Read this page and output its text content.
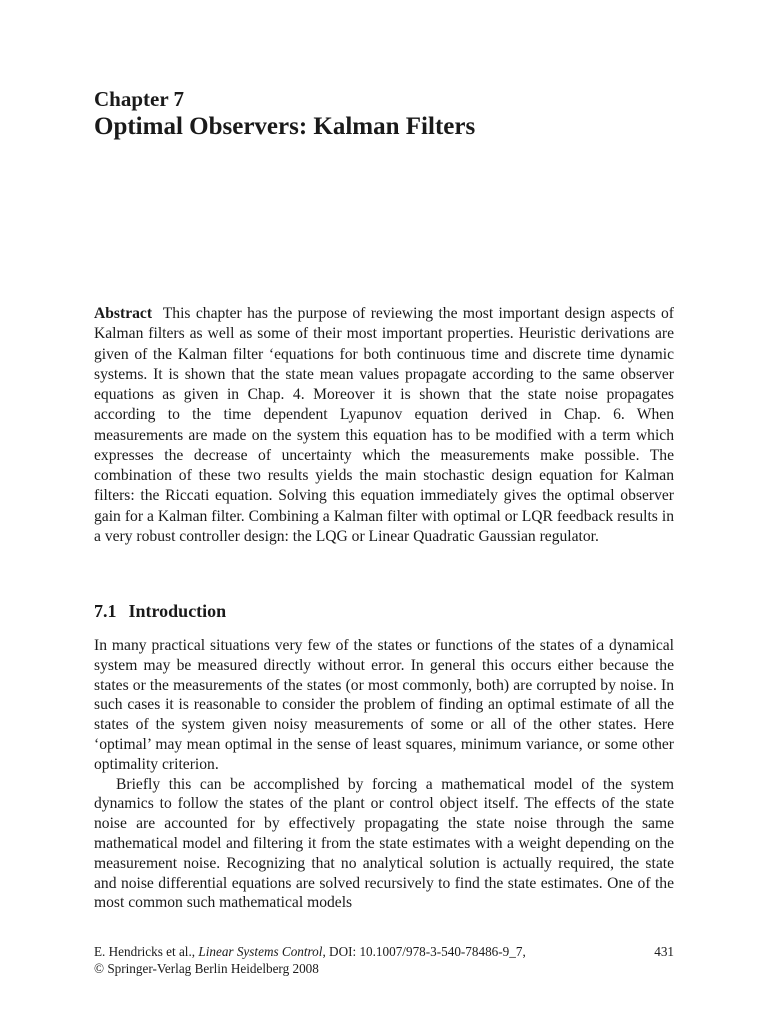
Chapter 7
Optimal Observers: Kalman Filters

Abstract This chapter has the purpose of reviewing the most important design aspects of Kalman filters as well as some of their most important properties. Heuristic derivations are given of the Kalman filter ‘equations for both continuous time and discrete time dynamic systems. It is shown that the state mean values propagate according to the same observer equations as given in Chap. 4. Moreover it is shown that the state noise propagates according to the time dependent Lyapunov equation derived in Chap. 6. When measurements are made on the system this equation has to be modified with a term which expresses the decrease of uncertainty which the measurements make possible. The combination of these two results yields the main stochastic design equation for Kalman filters: the Riccati equation. Solving this equation immediately gives the optimal observer gain for a Kalman filter. Combining a Kalman filter with optimal or LQR feedback results in a very robust controller design: the LQG or Linear Quadratic Gaussian regulator.

7.1 Introduction

In many practical situations very few of the states or functions of the states of a dynamical system may be measured directly without error. In general this occurs either because the states or the measurements of the states (or most commonly, both) are corrupted by noise. In such cases it is reasonable to consider the problem of finding an optimal estimate of all the states of the system given noisy measurements of some or all of the other states. Here ‘optimal’ may mean optimal in the sense of least squares, minimum variance, or some other optimality criterion.

Briefly this can be accomplished by forcing a mathematical model of the system dynamics to follow the states of the plant or control object itself. The effects of the state noise are accounted for by effectively propagating the state noise through the same mathematical model and filtering it from the state estimates with a weight depending on the measurement noise. Recognizing that no analytical solution is actually required, the state and noise differential equations are solved recursively to find the state estimates. One of the most common such mathematical models

E. Hendricks et al., Linear Systems Control, DOI: 10.1007/978-3-540-78486-9_7,	431
© Springer-Verlag Berlin Heidelberg 2008
